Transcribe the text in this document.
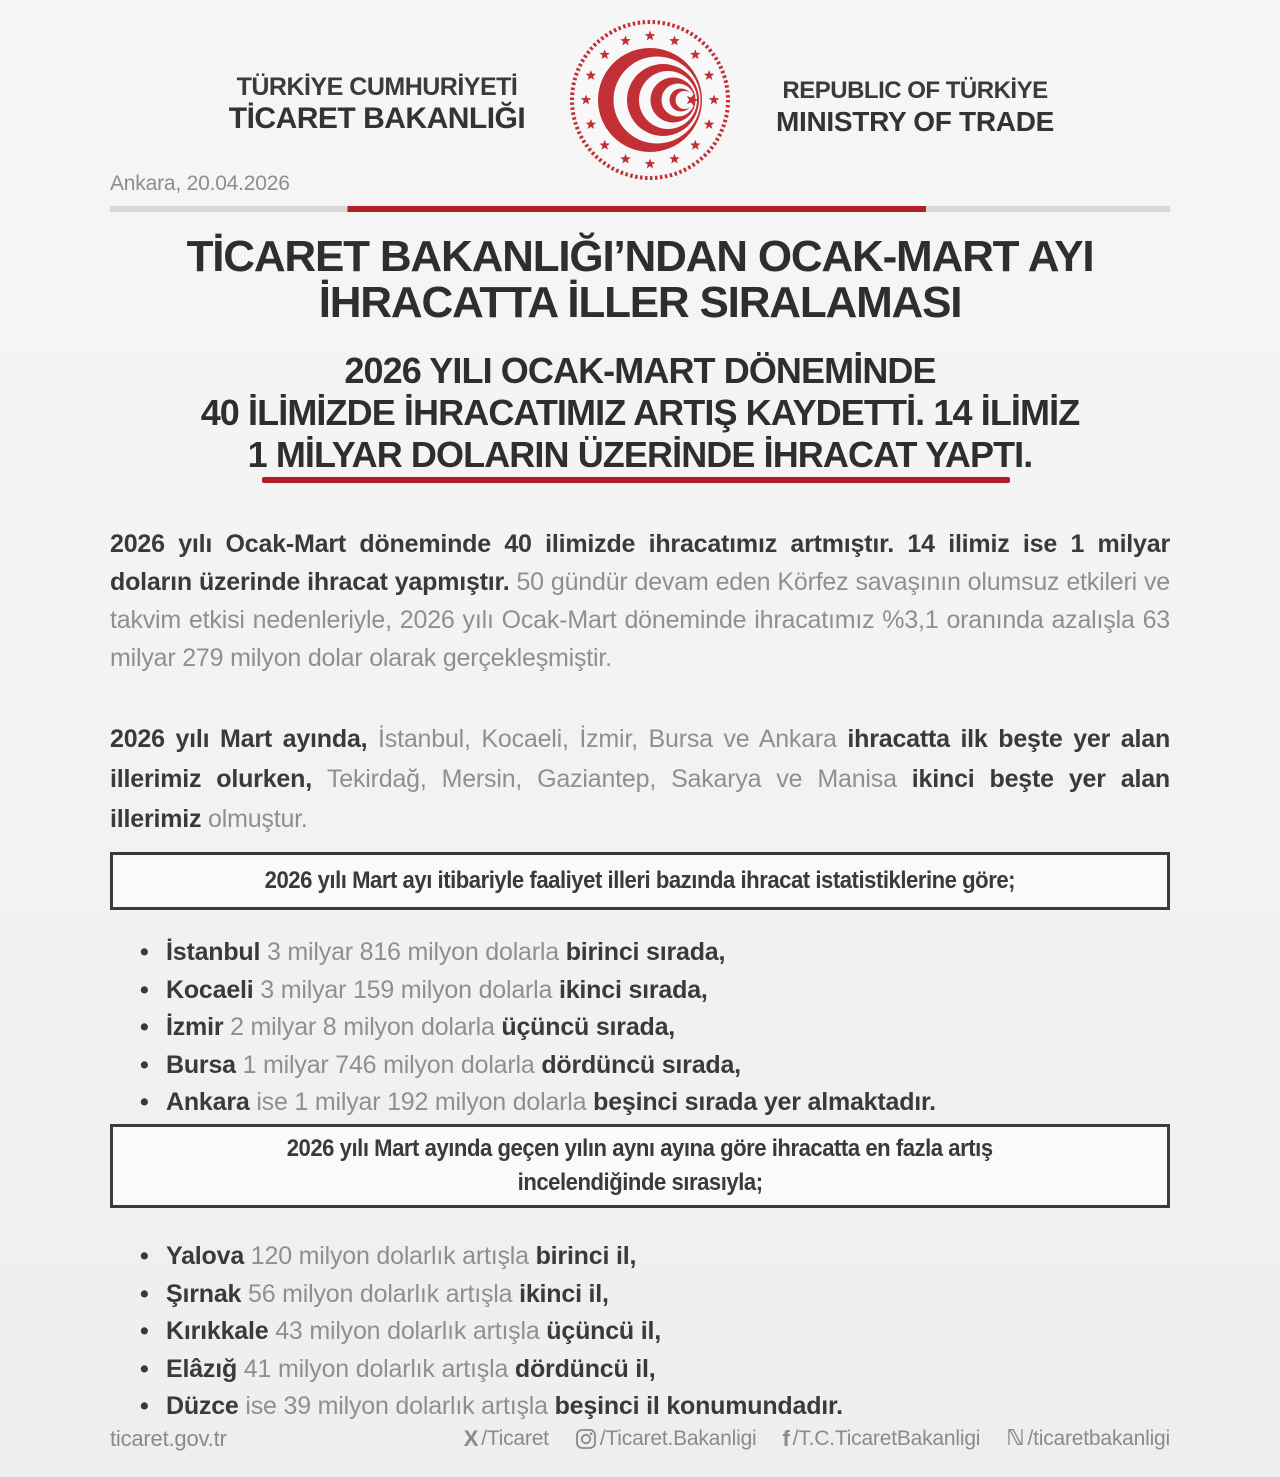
TÜRKİYE CUMHURİYETİ
TİCARET BAKANLIĞI
REPUBLIC OF TÜRKİYE
MINISTRY OF TRADE
Ankara, 20.04.2026
TİCARET BAKANLIĞI’NDAN OCAK-MART AYI
İHRACATTA İLLER SIRALAMASI
2026 YILI OCAK-MART DÖNEMİNDE
40 İLİMİZDE İHRACATIMIZ ARTIŞ KAYDETTİ. 14 İLİMİZ
1 MİLYAR DOLARIN ÜZERİNDE İHRACAT YAPTI.

2026 yılı Ocak-Mart döneminde 40 ilimizde ihracatımız artmıştır. 14 ilimiz ise 1 milyar doların üzerinde ihracat yapmıştır. 50 gündür devam eden Körfez savaşının olumsuz etkileri ve takvim etkisi nedenleriyle, 2026 yılı Ocak-Mart döneminde ihracatımız %3,1 oranında azalışla 63 milyar 279 milyon dolar olarak gerçekleşmiştir.

2026 yılı Mart ayında, İstanbul, Kocaeli, İzmir, Bursa ve Ankara ihracatta ilk beşte yer alan illerimiz olurken, Tekirdağ, Mersin, Gaziantep, Sakarya ve Manisa ikinci beşte yer alan illerimiz olmuştur.

2026 yılı Mart ayı itibariyle faaliyet illeri bazında ihracat istatistiklerine göre;
• İstanbul 3 milyar 816 milyon dolarla birinci sırada,
• Kocaeli 3 milyar 159 milyon dolarla ikinci sırada,
• İzmir 2 milyar 8 milyon dolarla üçüncü sırada,
• Bursa 1 milyar 746 milyon dolarla dördüncü sırada,
• Ankara ise 1 milyar 192 milyon dolarla beşinci sırada yer almaktadır.
2026 yılı Mart ayında geçen yılın aynı ayına göre ihracatta en fazla artış
incelendiğinde sırasıyla;
• Yalova 120 milyon dolarlık artışla birinci il,
• Şırnak 56 milyon dolarlık artışla ikinci il,
• Kırıkkale 43 milyon dolarlık artışla üçüncü il,
• Elâzığ 41 milyon dolarlık artışla dördüncü il,
• Düzce ise 39 milyon dolarlık artışla beşinci il konumundadır.
ticaret.gov.tr	X /Ticaret /Ticaret.Bakanligi f /T.C.TicaretBakanligi ℕ /ticaretbakanligi
